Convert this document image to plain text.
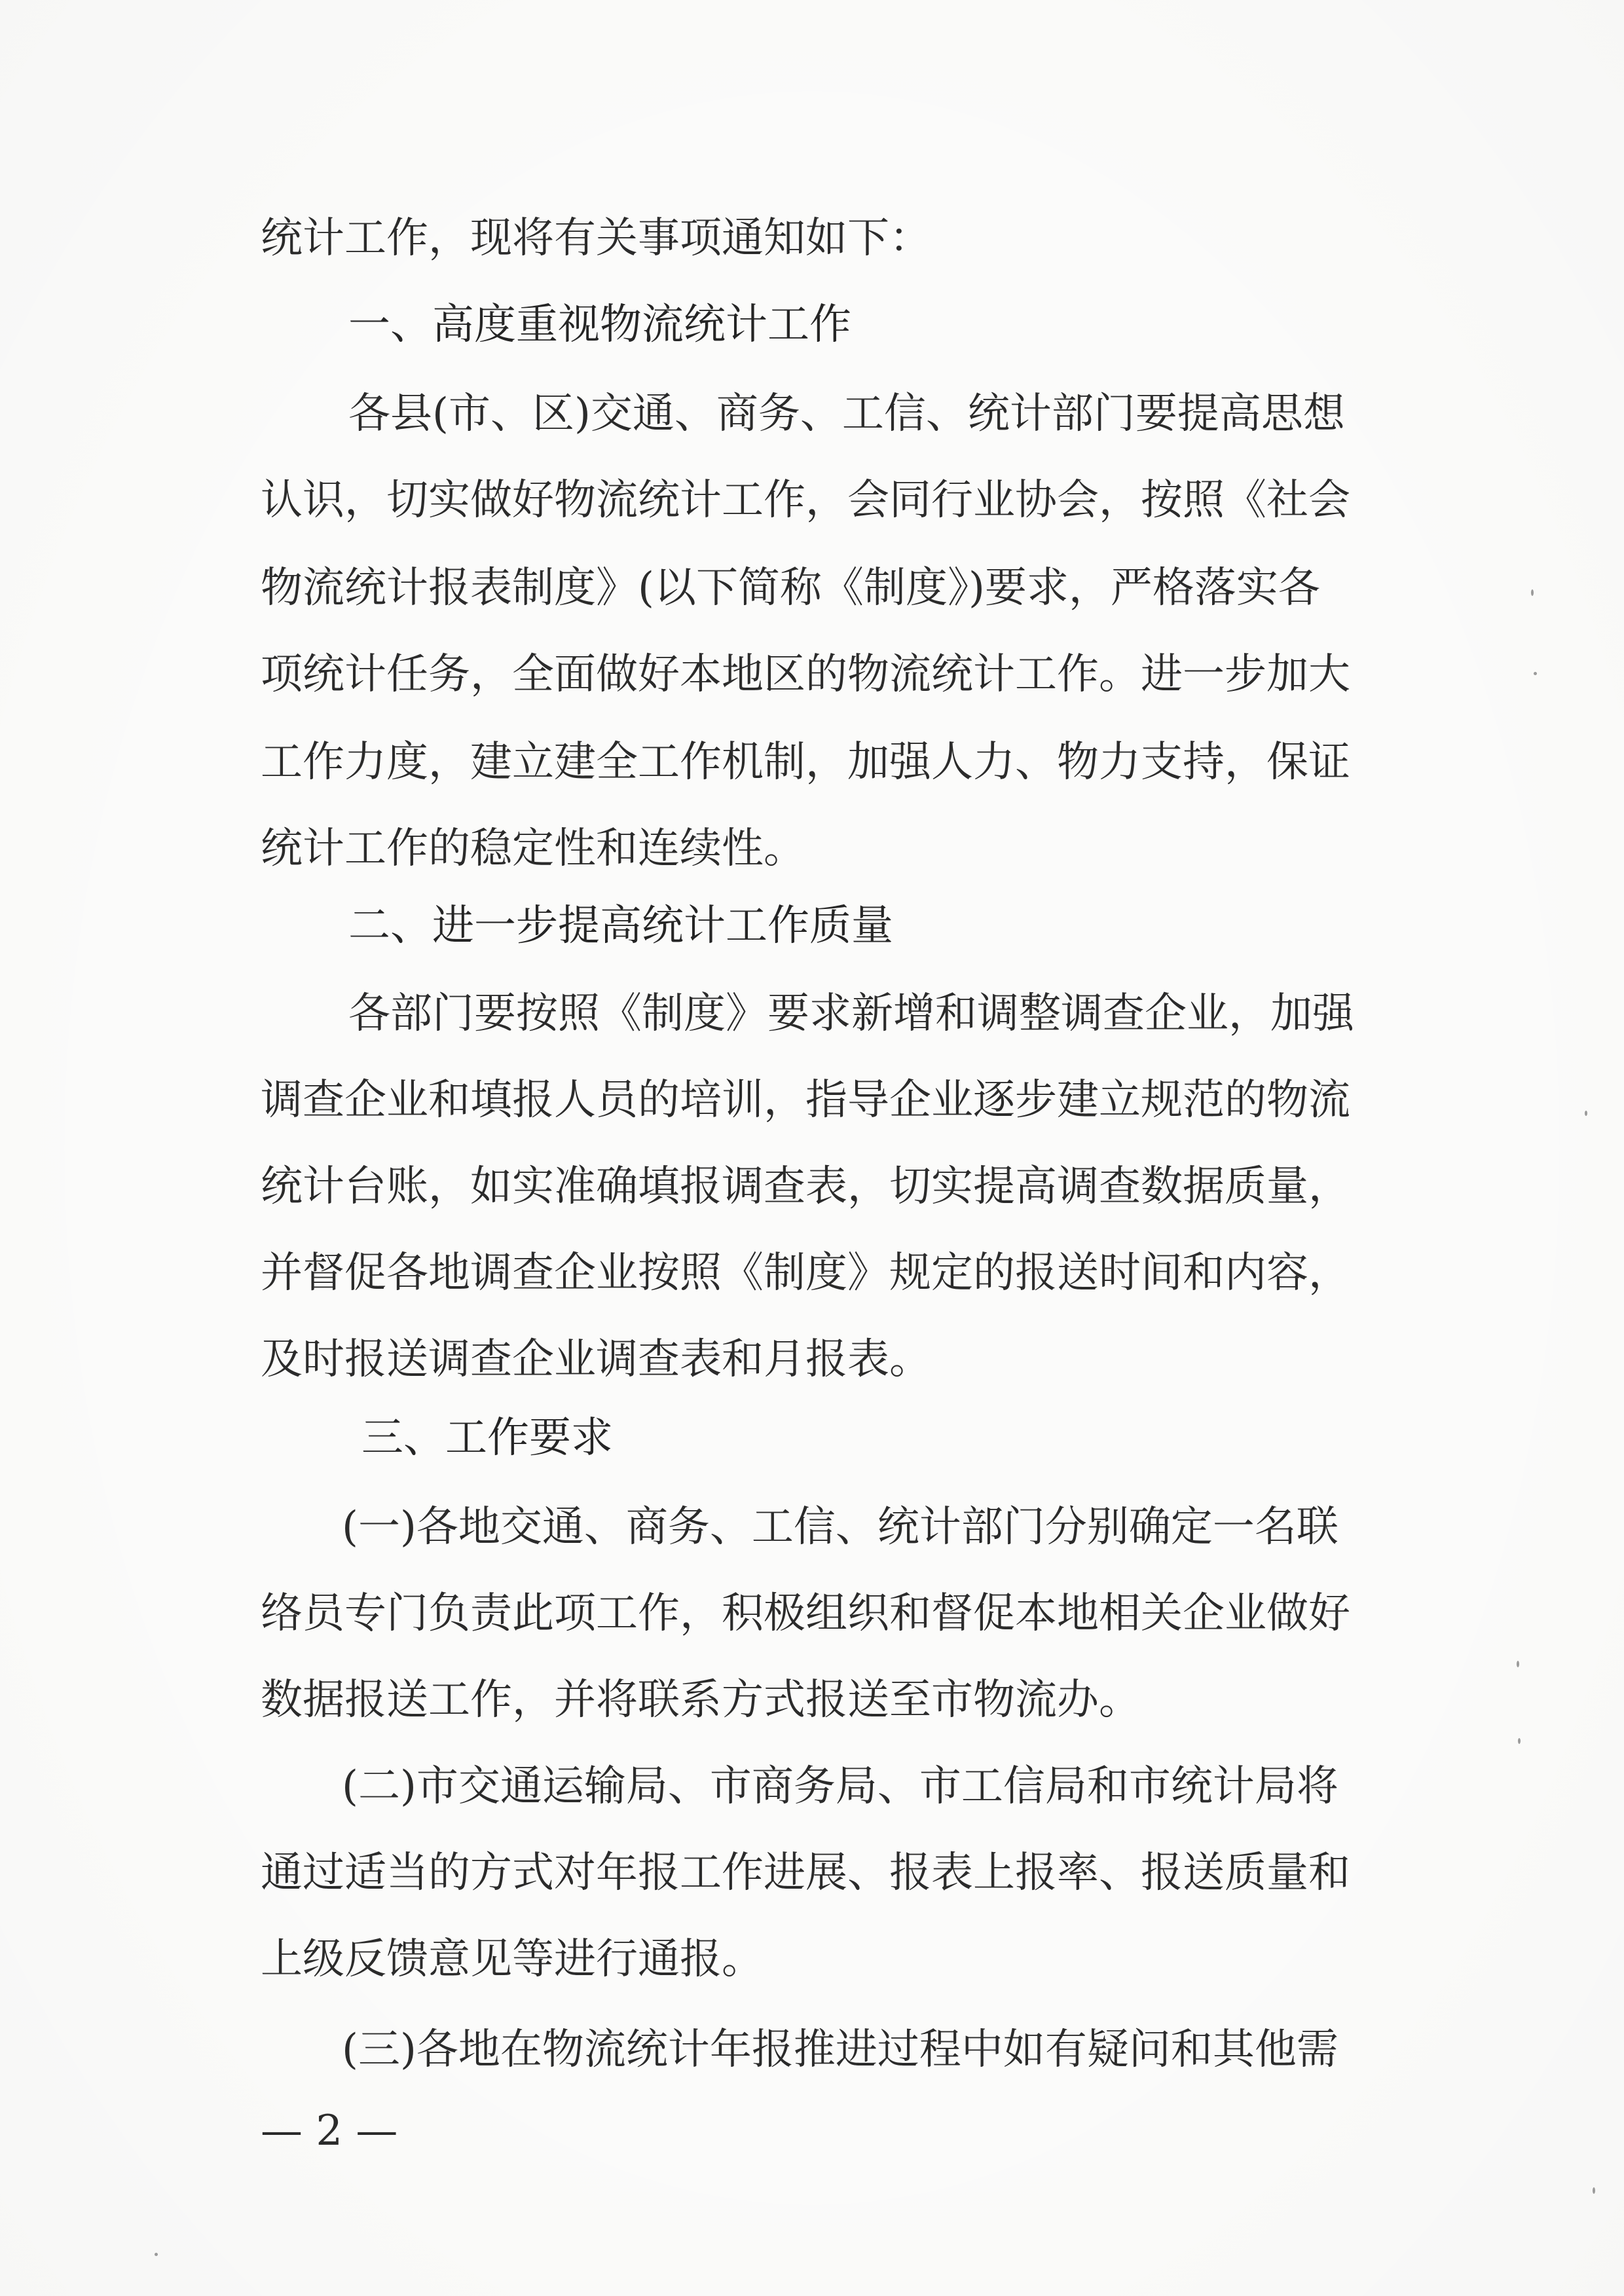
统计工作，现将有关事项通知如下：
一、高度重视物流统计工作
各县(市、区)交通、商务、工信、统计部门要提高思想
认识，切实做好物流统计工作，会同行业协会，按照《社会
物流统计报表制度》(以下简称《制度》)要求，严格落实各
项统计任务，全面做好本地区的物流统计工作。进一步加大
工作力度，建立建全工作机制，加强人力、物力支持，保证
统计工作的稳定性和连续性。
二、进一步提高统计工作质量
各部门要按照《制度》要求新增和调整调查企业，加强
调查企业和填报人员的培训，指导企业逐步建立规范的物流
统计台账，如实准确填报调查表，切实提高调查数据质量，
并督促各地调查企业按照《制度》规定的报送时间和内容，
及时报送调查企业调查表和月报表。
三、工作要求
(一)各地交通、商务、工信、统计部门分别确定一名联
络员专门负责此项工作，积极组织和督促本地相关企业做好
数据报送工作，并将联系方式报送至市物流办。
(二)市交通运输局、市商务局、市工信局和市统计局将
通过适当的方式对年报工作进展、报表上报率、报送质量和
上级反馈意见等进行通报。
(三)各地在物流统计年报推进过程中如有疑问和其他需
— 2 —
